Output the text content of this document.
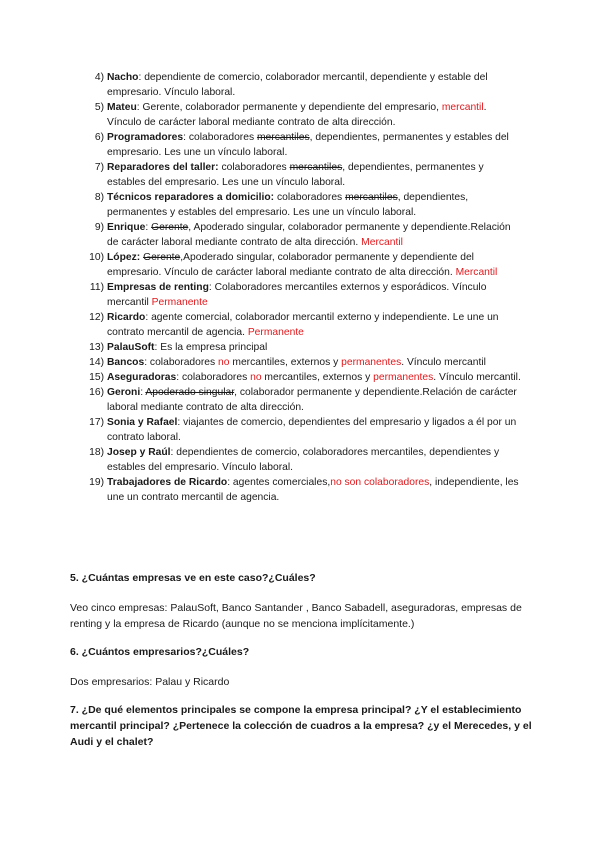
4) Nacho: dependiente de comercio, colaborador mercantil, dependiente y estable del empresario. Vínculo laboral.
5) Mateu: Gerente, colaborador permanente y dependiente del empresario, mercantil. Vínculo de carácter laboral mediante contrato de alta dirección.
6) Programadores: colaboradores mercantiles, dependientes, permanentes y estables del empresario. Les une un vínculo laboral.
7) Reparadores del taller: colaboradores mercantiles, dependientes, permanentes y estables del empresario. Les une un vínculo laboral.
8) Técnicos reparadores a domicilio: colaboradores mercantiles, dependientes, permanentes y estables del empresario. Les une un vínculo laboral.
9) Enrique: Gerente, Apoderado singular, colaborador permanente y dependiente.Relación de carácter laboral mediante contrato de alta dirección. Mercantil
10) López: Gerente,Apoderado singular, colaborador permanente y dependiente del empresario. Vínculo de carácter laboral mediante contrato de alta dirección. Mercantil
11) Empresas de renting: Colaboradores mercantiles externos y esporádicos. Vínculo mercantil Permanente
12) Ricardo: agente comercial, colaborador mercantil externo y independiente. Le une un contrato mercantil de agencia. Permanente
13) PalauSoft: Es la empresa principal
14) Bancos: colaboradores no mercantiles, externos y permanentes. Vínculo mercantil
15) Aseguradoras: colaboradores no mercantiles, externos y permanentes. Vínculo mercantil.
16) Geroni: Apoderado singular, colaborador permanente y dependiente.Relación de carácter laboral mediante contrato de alta dirección.
17) Sonia y Rafael: viajantes de comercio, dependientes del empresario y ligados a él por un contrato laboral.
18) Josep y Raúl: dependientes de comercio, colaboradores mercantiles, dependientes y estables del empresario. Vínculo laboral.
19) Trabajadores de Ricardo: agentes comerciales,no son colaboradores, independiente, les une un contrato mercantil de agencia.
5. ¿Cuántas empresas ve en este caso?¿Cuáles?
Veo cinco empresas: PalauSoft, Banco Santander , Banco Sabadell, aseguradoras, empresas de renting y la empresa de Ricardo (aunque no se menciona implícitamente.)
6. ¿Cuántos empresarios?¿Cuáles?
Dos empresarios: Palau y Ricardo
7. ¿De qué elementos principales se compone la empresa principal? ¿Y el establecimiento mercantil principal? ¿Pertenece la colección de cuadros a la empresa? ¿y el Merecedes, y el Audi y el chalet?
